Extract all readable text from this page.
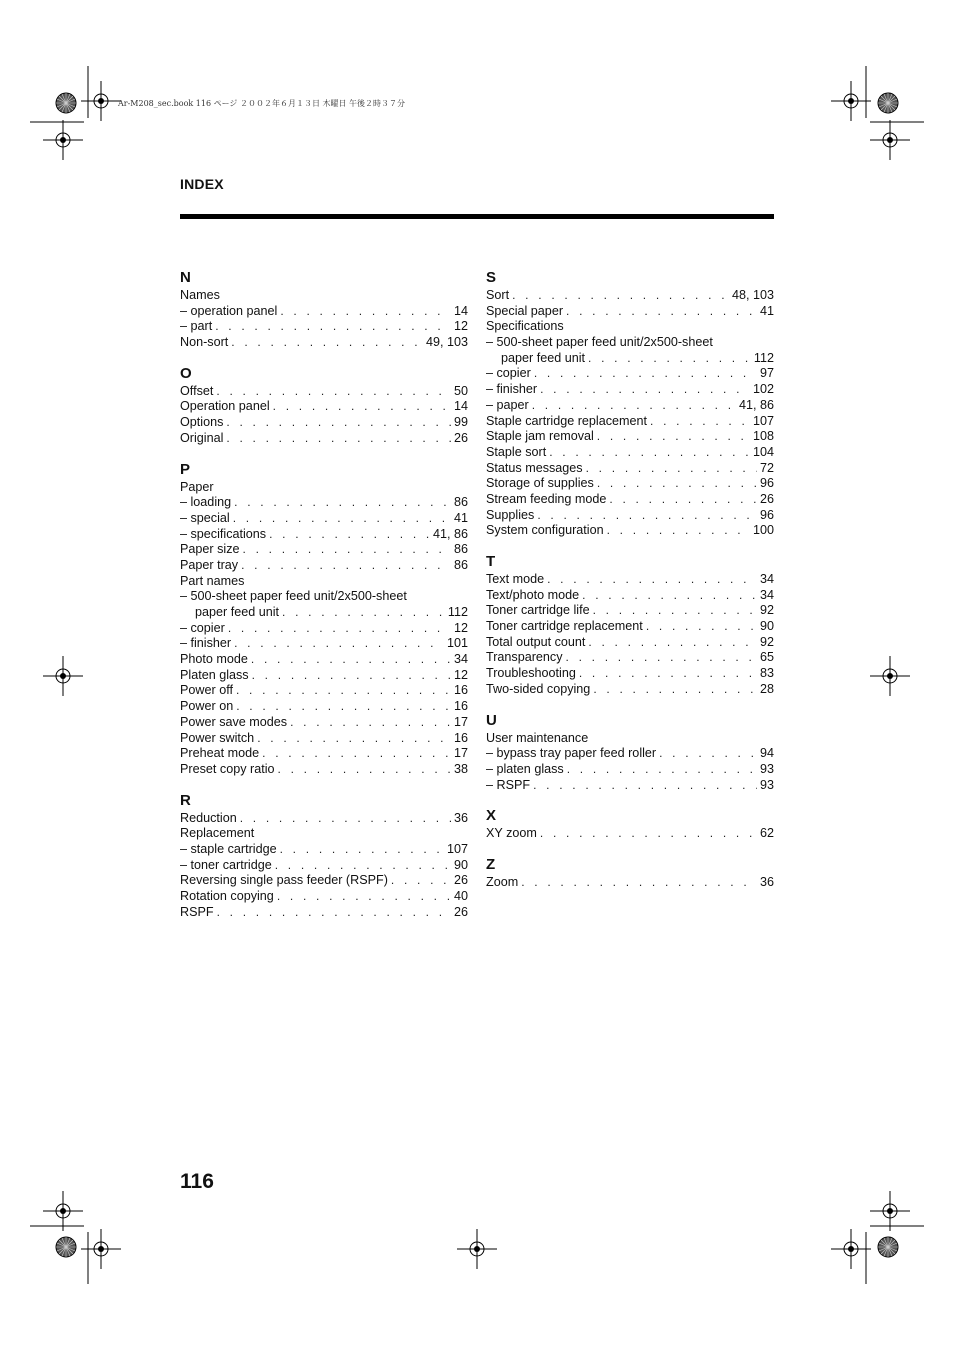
Ar-M208_sec.book 116 ページ ２００２年６月１３日 木曜日 午後２時３７分
INDEX
N
Names
– operation panel . . .	14
– part . . .	12
Non-sort . . .	49, 103
O
Offset . . .	50
Operation panel . . .	14
Options . . .	99
Original . . .	26
P
Paper
– loading . . .	86
– special . . .	41
– specifications . . .	41, 86
Paper size . . .	86
Paper tray . . .	86
Part names
– 500-sheet paper feed unit/2x500-sheet
paper feed unit . . .	112
– copier . . .	12
– finisher . . .	101
Photo mode . . .	34
Platen glass . . .	12
Power off . . .	16
Power on . . .	16
Power save modes . . .	17
Power switch . . .	16
Preheat mode . . .	17
Preset copy ratio . . .	38
R
Reduction . . .	36
Replacement
– staple cartridge . . .	107
– toner cartridge . . .	90
Reversing single pass feeder (RSPF) . . .	26
Rotation copying . . .	40
RSPF . . .	26
S
Sort . . .	48, 103
Special paper . . .	41
Specifications
– 500-sheet paper feed unit/2x500-sheet
paper feed unit . . .	112
– copier . . .	97
– finisher . . .	102
– paper . . .	41, 86
Staple cartridge replacement . . .	107
Staple jam removal . . .	108
Staple sort . . .	104
Status messages . . .	72
Storage of supplies . . .	96
Stream feeding mode . . .	26
Supplies . . .	96
System configuration . . .	100
T
Text mode . . .	34
Text/photo mode . . .	34
Toner cartridge life . . .	92
Toner cartridge replacement . . .	90
Total output count . . .	92
Transparency . . .	65
Troubleshooting . . .	83
Two-sided copying . . .	28
U
User maintenance
– bypass tray paper feed roller . . .	94
– platen glass . . .	93
– RSPF . . .	93
X
XY zoom . . .	62
Z
Zoom . . .	36
116
